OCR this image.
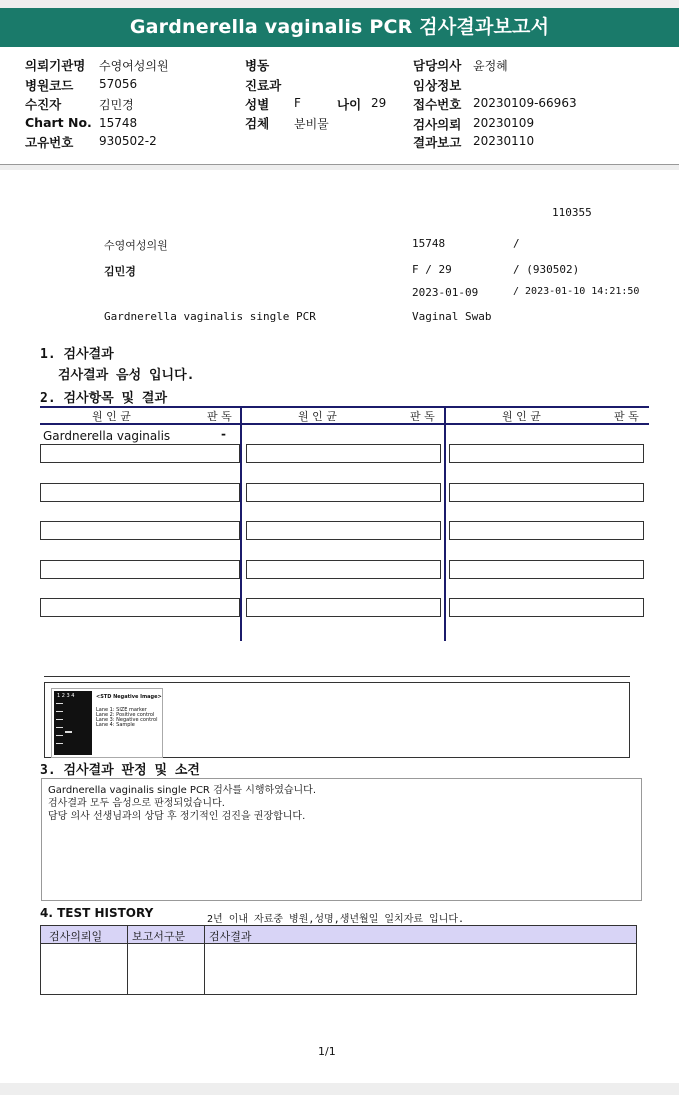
Gardnerella vaginalis PCR 검사결과보고서
의뢰기관명 수영여성의원
병원코드 57056
수진자	김민경
Chart No. 15748
고유번호 930502-2
병동
진료과
성별 F	나이 29
검체 분비물
담당의사 윤정혜
임상정보
접수번호 20230109-66963
검사의뢰 20230109
결과보고 20230110
110355
수영여성의원	15748	/
김민경	F / 29	/ (930502)
2023-01-09	/ 2023-01-10 14:21:50
Gardnerella vaginalis single PCR	Vaginal Swab
1. 검사결과
검사결과 음성 입니다.
2. 검사항목 및 결과
원 인 균	판 독	원 인 균	판 독	원 인 균	판 독
Gardnerella vaginalis	-
1 2 3 4	<STD Negative Image>
Lane 1: SIZE marker
Lane 2: Positive control
Lane 3: Negative control
Lane 4: Sample
3. 검사결과 판정 및 소견
Gardnerella vaginalis single PCR 검사를 시행하였습니다.
검사결과 모두 음성으로 판정되었습니다.
담당 의사 선생님과의 상담 후 정기적인 검진을 권장합니다.
4. TEST HISTORY	2년 이내 자료중 병원,성명,생년월일 일치자료 입니다.
검사의뢰일	보고서구분 검사결과
1/1
